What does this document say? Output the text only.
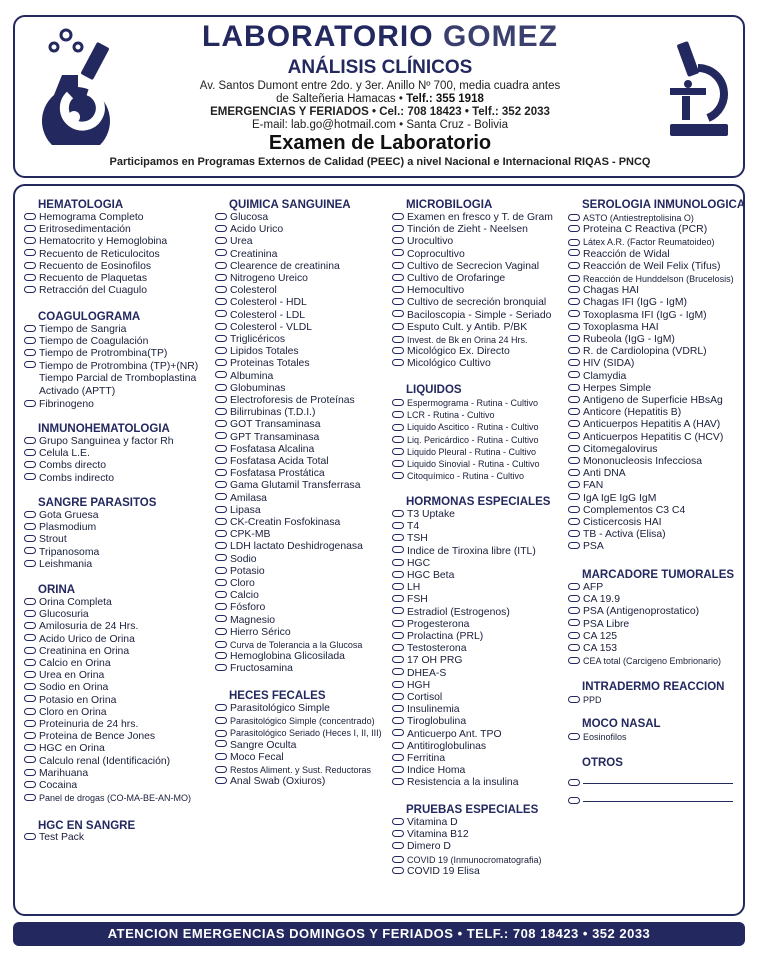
LABORATORIO GOMEZ
ANÁLISIS CLÍNICOS
Av. Santos Dumont entre 2do. y 3er. Anillo Nº 700, media cuadra antes
de Salteñeria Hamacas • Telf.: 355 1918
EMERGENCIAS Y FERIADOS • Cel.: 708 18423 • Telf.: 352 2033
E-mail: lab.go@hotmail.com • Santa Cruz - Bolivia
Examen de Laboratorio
Participamos en Programas Externos de Calidad (PEEC) a nivel Nacional e Internacional RIQAS - PNCQ
HEMATOLOGIA
Hemograma Completo
Eritrosedimentación
Hematocrito y Hemoglobina
Recuento de Reticulocitos
Recuento de Eosinofilos
Recuento de Plaquetas
Retracción del Cuagulo
COAGULOGRAMA
Tiempo de Sangria
Tiempo de Coagulación
Tiempo de Protrombina(TP)
Tiempo de Protrombina (TP)+(NR)
Tiempo Parcial de Tromboplastina
Activado (APTT)
Fibrinogeno
INMUNOHEMATOLOGIA
Grupo Sanguinea y factor Rh
Celula L.E.
Combs directo
Combs indirecto
SANGRE PARASITOS
Gota Gruesa
Plasmodium
Strout
Tripanosoma
Leishmania
ORINA
Orina Completa
Glucosuria
Amilosuria de 24 Hrs.
Acido Urico de Orina
Creatinina en Orina
Calcio en Orina
Urea en Orina
Sodio en Orina
Potasio en Orina
Cloro en Orina
Proteinuria de 24 hrs.
Proteina de Bence Jones
HGC en Orina
Calculo renal (Identificación)
Marihuana
Cocaina
Panel de drogas (CO-MA-BE-AN-MO)
HGC EN SANGRE
Test Pack
QUIMICA SANGUINEA
Glucosa
Acido Urico
Urea
Creatinina
Clearence de creatinina
Nitrogeno Ureico
Colesterol
Colesterol - HDL
Colesterol - LDL
Colesterol - VLDL
Triglicéricos
Lipidos Totales
Proteinas Totales
Albumina
Globuminas
Electroforesis de Proteínas
Bilirrubinas (T.D.I.)
GOT Transaminasa
GPT Transaminasa
Fosfatasa Alcalina
Fosfatasa Acida Total
Fosfatasa Prostática
Gama Glutamil Transferrasa
Amilasa
Lipasa
CK-Creatin Fosfokinasa
CPK-MB
LDH lactato Deshidrogenasa
Sodio
Potasio
Cloro
Calcio
Fósforo
Magnesio
Hierro Sérico
Curva de Tolerancia a la Glucosa
Hemoglobina Glicosilada
Fructosamina
HECES FECALES
Parasitológico Simple
Parasitológico Simple (concentrado)
Parasitológico Seriado (Heces I, II, III)
Sangre Oculta
Moco Fecal
Restos Aliment. y Sust. Reductoras
Anal Swab (Oxiuros)
MICROBILOGIA
Examen en fresco y T. de Gram
Tinción de Zieht - Neelsen
Urocultivo
Coprocultivo
Cultivo de Secrecion Vaginal
Cultivo de Orofaringe
Hemocultivo
Cultivo de secreción bronquial
Baciloscopia - Simple - Seriado
Esputo Cult. y Antib. P/BK
Invest. de Bk en Orina 24 Hrs.
Micológico Ex. Directo
Micológico Cultivo
LIQUIDOS
Espermograma - Rutina - Cultivo
LCR - Rutina - Cultivo
Liquido Ascitico - Rutina - Cultivo
Liq. Pericárdico - Rutina - Cultivo
Liquido Pleural - Rutina - Cultivo
Liquido Sinovial - Rutina - Cultivo
Citoquímico - Rutina - Cultivo
HORMONAS ESPECIALES
T3 Uptake
T4
TSH
Indice de Tiroxina libre (ITL)
HGC
HGC Beta
LH
FSH
Estradiol (Estrogenos)
Progesterona
Prolactina (PRL)
Testosterona
17 OH PRG
DHEA-S
HGH
Cortisol
Insulinemia
Tiroglobulina
Anticuerpo Ant. TPO
Antitiroglobulinas
Ferritina
Indice Homa
Resistencia a la insulina
PRUEBAS ESPECIALES
Vitamina D
Vitamina B12
Dimero D
COVID 19 (Inmunocromatografia)
COVID 19 Elisa
SEROLOGIA INMUNOLOGICA
ASTO (Antiestreptolisina O)
Proteina C Reactiva (PCR)
Látex A.R. (Factor Reumatoideo)
Reacción de Widal
Reacción de Weil Felix (Tifus)
Reacción de Hunddelson (Brucelosis)
Chagas HAI
Chagas IFI (IgG - IgM)
Toxoplasma IFI (IgG - IgM)
Toxoplasma HAI
Rubeola (IgG - IgM)
R. de Cardiolopina (VDRL)
HIV (SIDA)
Clamydia
Herpes Simple
Antigeno de Superficie HBsAg
Anticore (Hepatitis B)
Anticuerpos Hepatitis A (HAV)
Anticuerpos Hepatitis C (HCV)
Citomegalovirus
Mononucleosis Infecciosa
Anti DNA
FAN
IgA IgE IgG IgM
Complementos C3 C4
Cisticercosis HAI
TB - Activa (Elisa)
PSA
MARCADORE TUMORALES
AFP
CA 19.9
PSA (Antigenoprostatico)
PSA Libre
CA 125
CA 153
CEA total (Carcigeno Embrionario)
INTRADERMO REACCION
PPD
MOCO NASAL
Eosinofilos
OTROS
ATENCION EMERGENCIAS DOMINGOS Y FERIADOS • TELF.: 708 18423 • 352 2033
